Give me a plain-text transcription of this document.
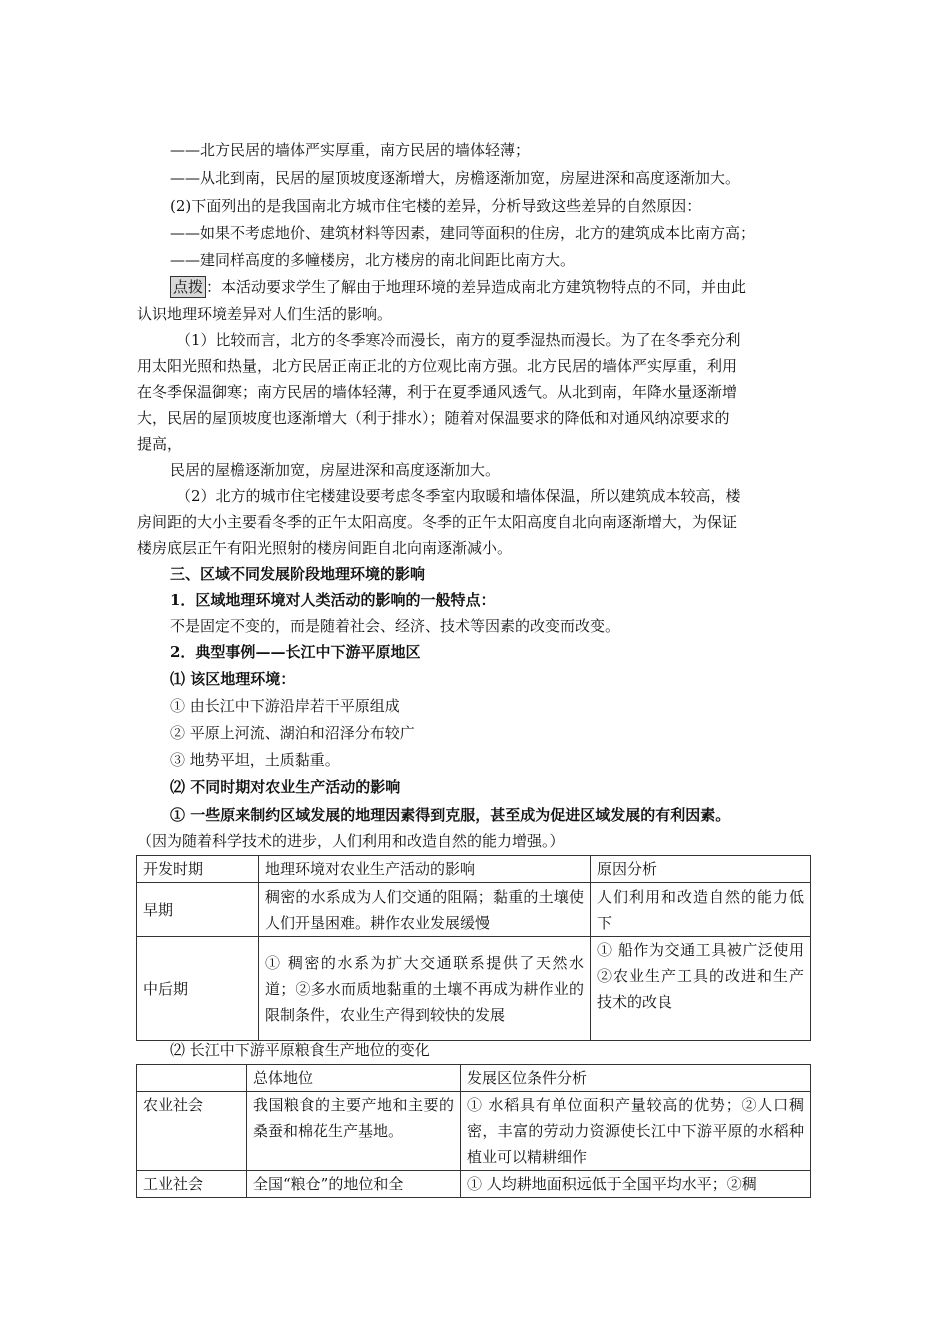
——北方民居的墙体严实厚重，南方民居的墙体轻薄；
——从北到南，民居的屋顶坡度逐渐增大，房檐逐渐加宽，房屋进深和高度逐渐加大。
(2)下面列出的是我国南北方城市住宅楼的差异，分析导致这些差异的自然原因：
——如果不考虑地价、建筑材料等因素，建同等面积的住房，北方的建筑成本比南方高；
——建同样高度的多幢楼房，北方楼房的南北间距比南方大。
点拨 ：本活动要求学生了解由于地理环境的差异造成南北方建筑物特点的不同，并由此
认识地理环境差异对人们生活的影响。
（1）比较而言，北方的冬季寒冷而漫长，南方的夏季湿热而漫长。为了在冬季充分利
用太阳光照和热量，北方民居正南正北的方位观比南方强。北方民居的墙体严实厚重，利用
在冬季保温御寒；南方民居的墙体轻薄，利于在夏季通风透气。从北到南，年降水量逐渐增
大，民居的屋顶坡度也逐渐增大（利于排水）；随着对保温要求的降低和对通风纳凉要求的
提高，
民居的屋檐逐渐加宽，房屋进深和高度逐渐加大。
（2）北方的城市住宅楼建设要考虑冬季室内取暖和墙体保温，所以建筑成本较高，楼
房间距的大小主要看冬季的正午太阳高度。冬季的正午太阳高度自北向南逐渐增大，为保证
楼房底层正午有阳光照射的楼房间距自北向南逐渐减小。
三、区域不同发展阶段地理环境的影响
1．区域地理环境对人类活动的影响的一般特点：
不是固定不变的，而是随着社会、经济、技术等因素的改变而改变。
2．典型事例——长江中下游平原地区
⑴ 该区地理环境：
① 由长江中下游沿岸若干平原组成
② 平原上河流、湖泊和沼泽分布较广
③ 地势平坦，土质黏重。
⑵ 不同时期对农业生产活动的影响
① 一些原来制约区域发展的地理因素得到克服，甚至成为促进区域发展的有利因素。
（因为随着科学技术的进步，人们利用和改造自然的能力增强。）
开发时期	地理环境对农业生产活动的影响	原因分析
早期	稠密的水系成为人们交通的阻隔；黏重的土壤使人们开垦困难。耕作农业发展缓慢	人们利用和改造自然的能力低下
中后期	① 稠密的水系为扩大交通联系提供了天然水道；②多水而质地黏重的土壤不再成为耕作业的限制条件，农业生产得到较快的发展	① 船作为交通工具被广泛使用②农业生产工具的改进和生产技术的改良
⑵ 长江中下游平原粮食生产地位的变化
	总体地位	发展区位条件分析
农业社会	我国粮食的主要产地和主要的桑蚕和棉花生产基地。	① 水稻具有单位面积产量较高的优势；②人口稠密，丰富的劳动力资源使长江中下游平原的水稻种植业可以精耕细作
工业社会	全国“粮仓”的地位和全	① 人均耕地面积远低于全国平均水平；②稠
